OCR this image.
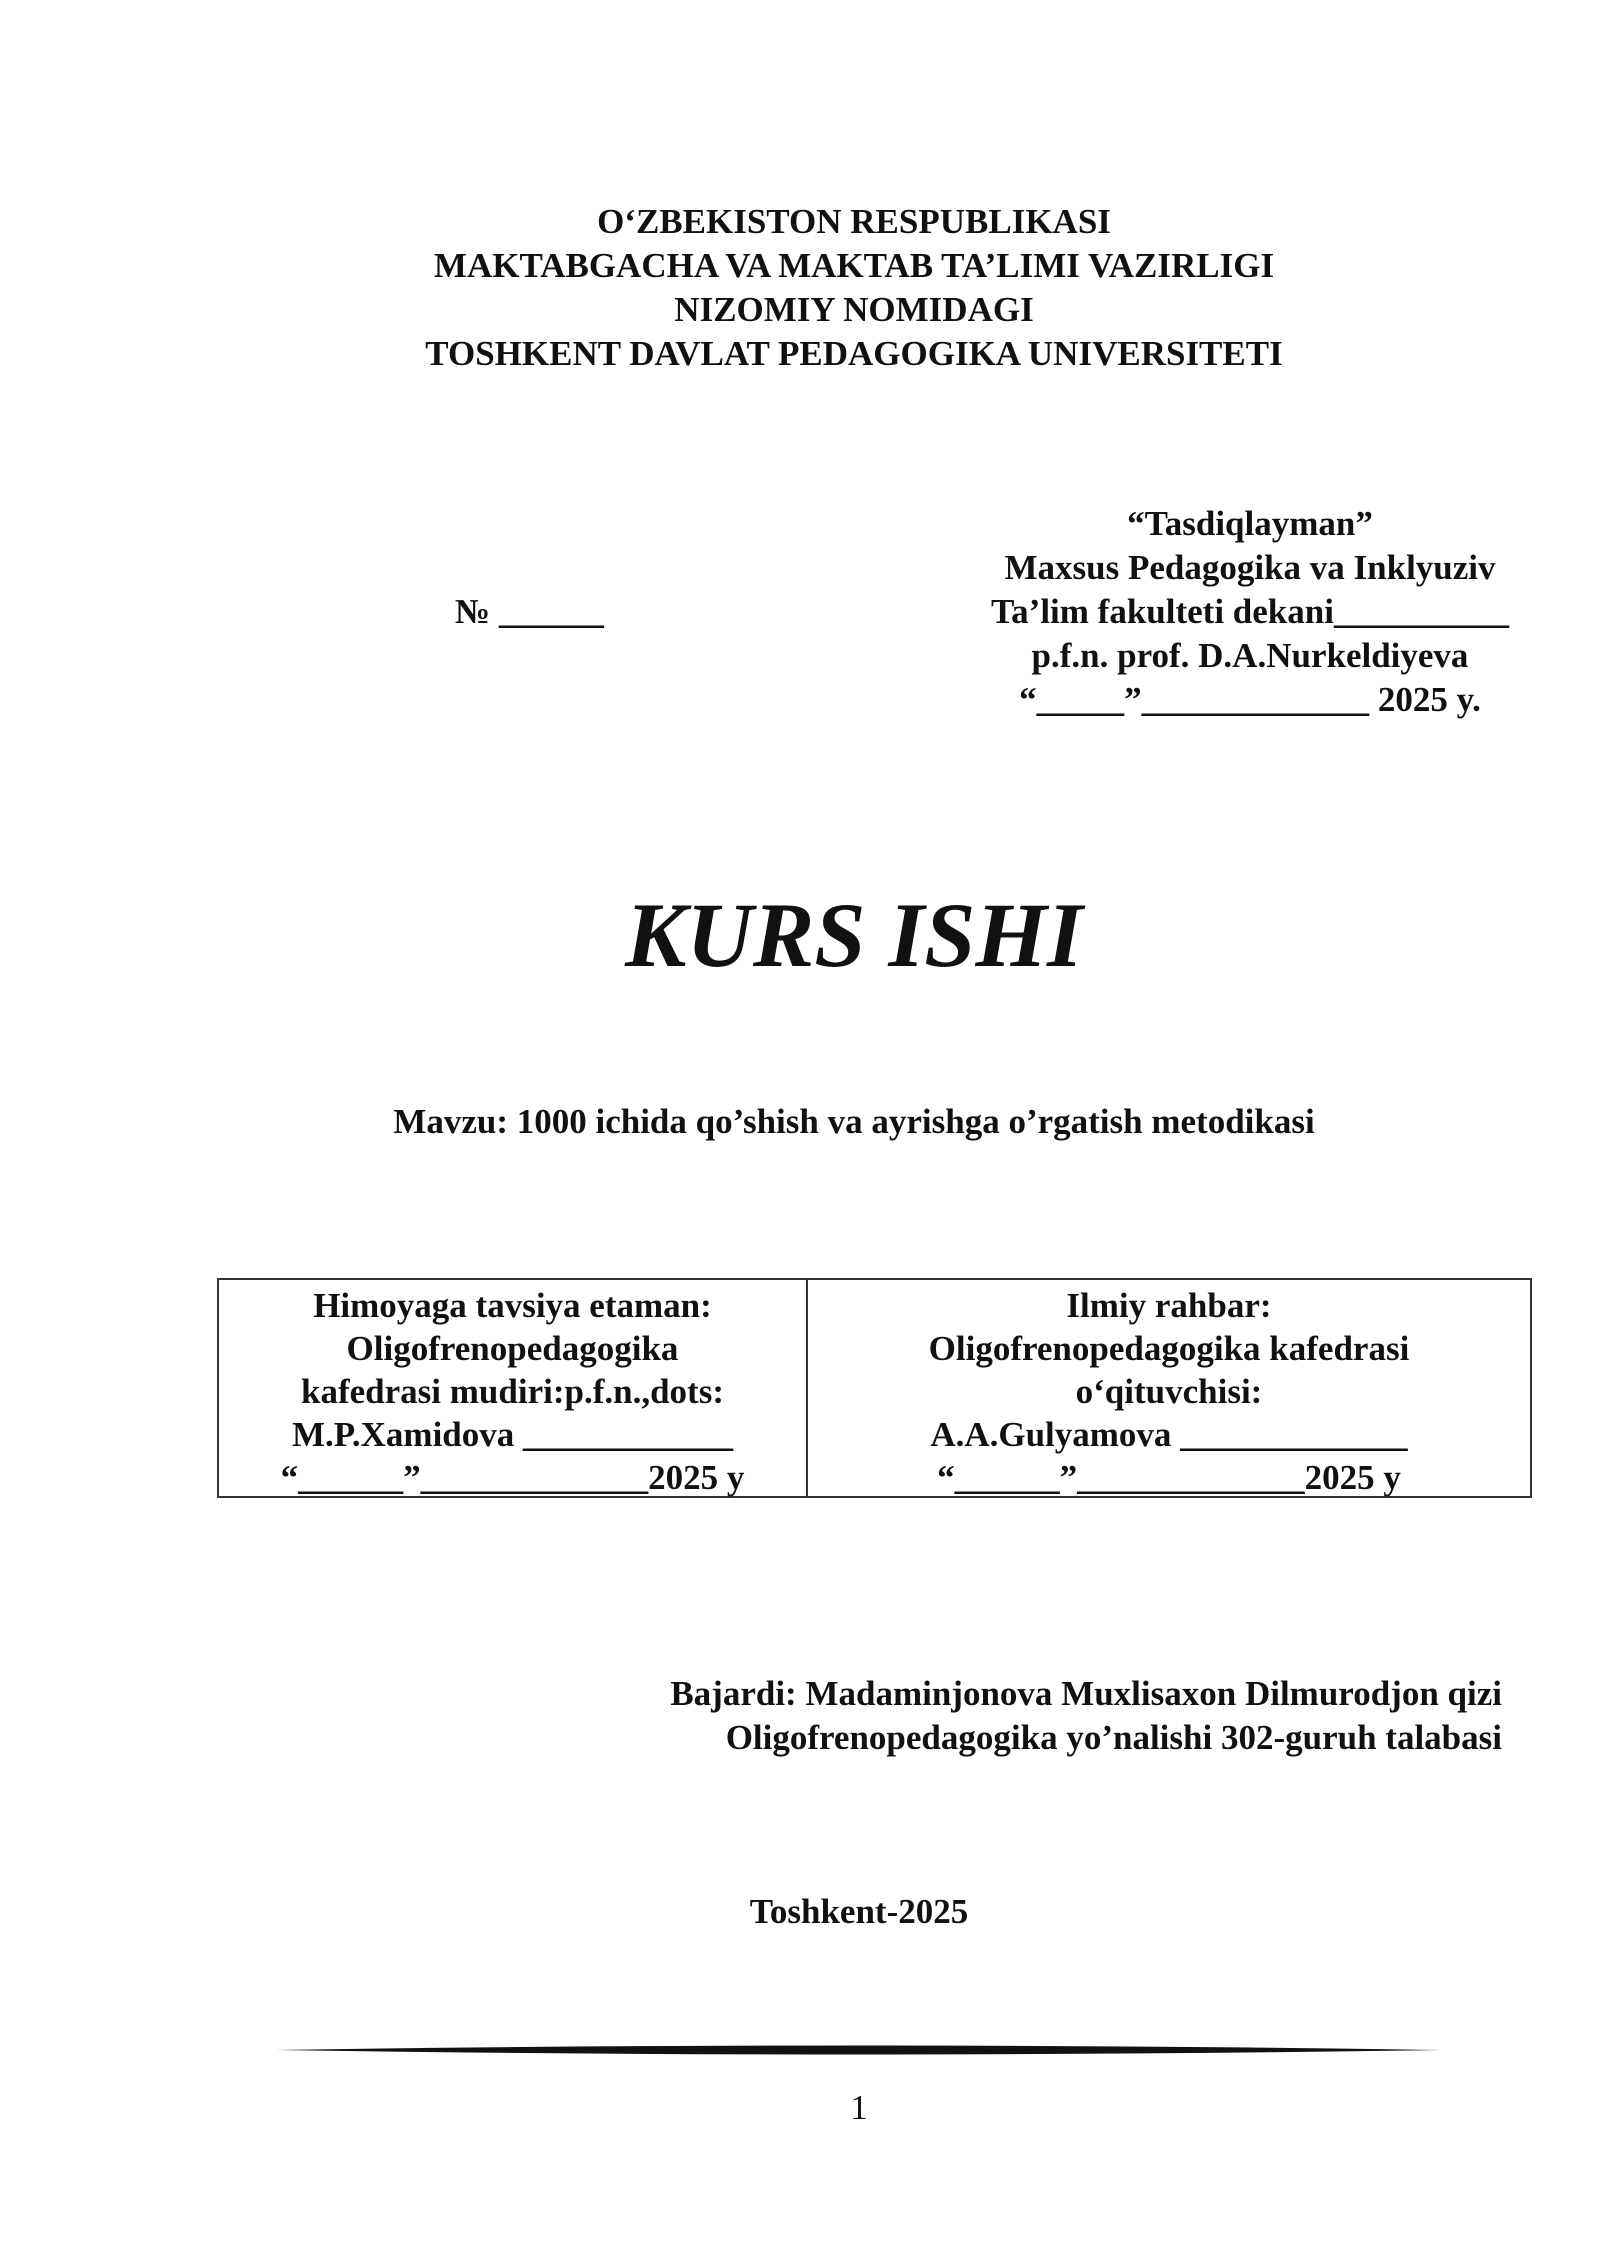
O‘ZBEKISTON RESPUBLIKASI
MAKTABGACHA VA MAKTAB TA’LIMI VAZIRLIGI
NIZOMIY NOMIDAGI
TOSHKENT DAVLAT PEDAGOGIKA UNIVERSITETI
№ ______
“Tasdiqlayman”
Maxsus Pedagogika va Inklyuziv
Ta’lim fakulteti dekani__________
p.f.n. prof. D.A.Nurkeldiyeva
“_____”_____________ 2025 y.
KURS ISHI
Mavzu: 1000 ichida qo’shish va ayrishga o’rgatish metodikasi
Himoyaga tavsiya etaman:
Oligofrenopedagogika
kafedrasi mudiri:p.f.n.,dots:
M.P.Xamidova ____________
“______”_____________2025 y
Ilmiy rahbar:
Oligofrenopedagogika kafedrasi
o‘qituvchisi:
A.A.Gulyamova _____________
“______”_____________2025 y
Bajardi: Madaminjonova Muxlisaxon Dilmurodjon qizi
Oligofrenopedagogika yo’nalishi 302-guruh talabasi
Toshkent-2025
1
